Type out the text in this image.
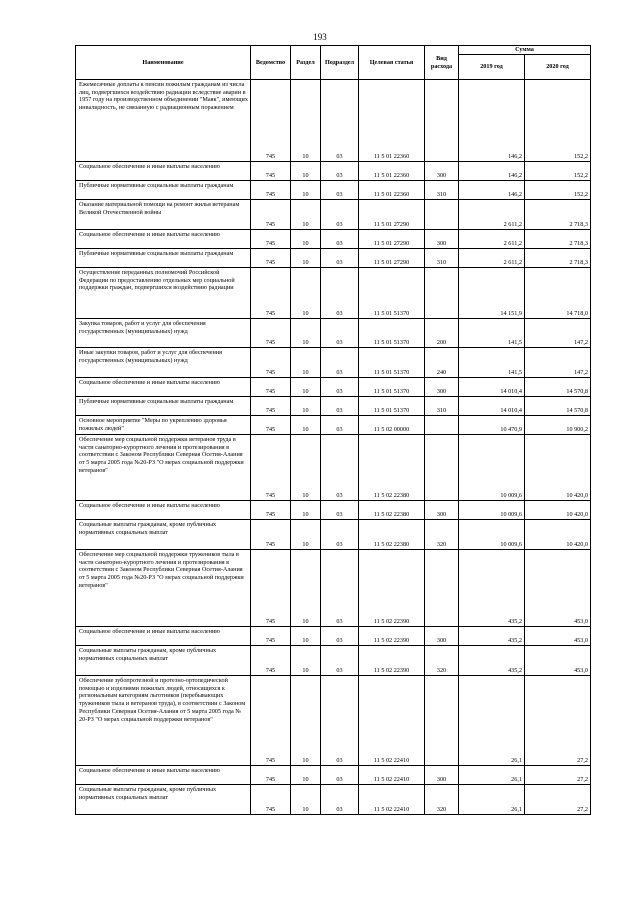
193
Наименование	Ведомство	Раздел	Подраздел	Целевая статья	Вид расхода	Сумма	
						2019 год	2020 год
Ежемесячные доплаты к пенсии пожилым гражданам из числа лиц, подвергшихся воздействию радиации вследствие аварии в 1957 году на производственном объединении "Маяк", имеющих инвалидность, не связанную с радиационным поражением	745	10	03	11 5 01 22360		146,2	152,2
Социальное обеспечение и иные выплаты населению	745	10	03	11 5 01 22360	300	146,2	152,2
Публичные нормативные социальные выплаты гражданам	745	10	03	11 5 01 22360	310	146,2	152,2
Оказание материальной помощи на ремонт жилья ветеранам Великой Отечественной войны	745	10	03	11 5 01 27290		2 611,2	2 718,3
Социальное обеспечение и иные выплаты населению	745	10	03	11 5 01 27290	300	2 611,2	2 718,3
Публичные нормативные социальные выплаты гражданам	745	10	03	11 5 01 27290	310	2 611,2	2 718,3
Осуществление переданных полномочий Российской Федерации по предоставлению отдельных мер социальной поддержки граждан, подвергшихся воздействию радиации	745	10	03	11 5 01 51370		14 151,9	14 718,0
Закупка товаров, работ и услуг для обеспечения государственных (муниципальных) нужд	745	10	03	11 5 01 51370	200	141,5	147,2
Иные закупки товаров, работ и услуг для обеспечения государственных (муниципальных) нужд	745	10	03	11 5 01 51370	240	141,5	147,2
Социальное обеспечение и иные выплаты населению	745	10	03	11 5 01 51370	300	14 010,4	14 570,8
Публичные нормативные социальные выплаты гражданам	745	10	03	11 5 01 51370	310	14 010,4	14 570,8
Основное мероприятие "Меры по укреплению здоровья пожилых людей"	745	10	03	11 5 02 00000		10 470,9	10 900,2
Обеспечение мер социальной поддержки ветеранов труда в части санаторно-курортного лечения и протезирования в соответствии с Законом Республики Северная Осетия-Алания от 5 марта 2005 года №20-РЗ "О мерах социальной поддержки ветеранов"	745	10	03	11 5 02 22380		10 009,6	10 420,0
Социальное обеспечение и иные выплаты населению	745	10	03	11 5 02 22380	300	10 009,6	10 420,0
Социальные выплаты гражданам, кроме публичных нормативных социальных выплат	745	10	03	11 5 02 22380	320	10 009,6	10 420,0
Обеспечение мер социальной поддержки тружеников тыла в части санаторно-курортного лечения и протезирования в соответствии с Законом Республики Северная Осетия-Алания от 5 марта 2005 года №20-РЗ "О мерах социальной поддержки ветеранов"	745	10	03	11 5 02 22390		435,2	453,0
Социальное обеспечение и иные выплаты населению	745	10	03	11 5 02 22390	300	435,2	453,0
Социальные выплаты гражданам, кроме публичных нормативных социальных выплат	745	10	03	11 5 02 22390	320	435,2	453,0
Обеспечение зубопротезной и протезно-ортопедической помощью и изделиями пожилых людей, относящихся к региональным категориям льготников (перебывающих тружеников тыла и ветеранов труда), в соответствии с Законом Республики Северная Осетия-Алания от 5 марта 2005 года № 20-РЗ "О мерах социальной поддержки ветеранов"	745	10	03	11 5 02 22410		26,1	27,2
Социальное обеспечение и иные выплаты населению	745	10	03	11 5 02 22410	300	26,1	27,2
Социальные выплаты гражданам, кроме публичных нормативных социальных выплат	745	10	03	11 5 02 22410	320	26,1	27,2
